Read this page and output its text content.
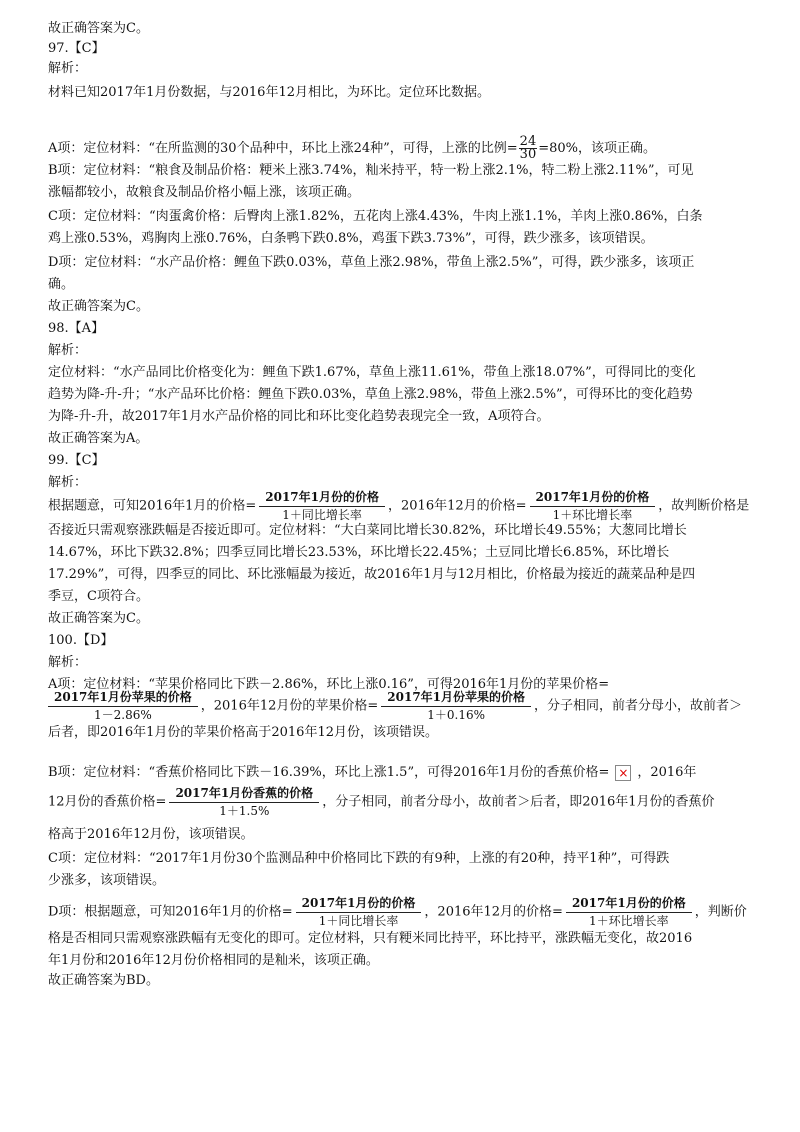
故正确答案为C。
97.【C】
解析：
材料已知2017年1月份数据，与2016年12月相比，为环比。定位环比数据。
A项：定位材料：“在所监测的30个品种中，环比上涨24种”，可得，上涨的比例= $\frac{24}{30} =80\%$，该项正确。
B项：定位材料：“粮食及制品价格：粳米上涨3.74%，籼米持平，特一粉上涨2.1%，特二粉上涨2.11%”，可见
涨幅都较小，故粮食及制品价格小幅上涨，该项正确。
C项：定位材料：“肉蛋禽价格：后臀肉上涨1.82%，五花肉上涨4.43%，牛肉上涨1.1%，羊肉上涨0.86%，白条
鸡上涨0.53%，鸡胸肉上涨0.76%，白条鸭下跌0.8%，鸡蛋下跌3.73%”，可得，跌少涨多，该项错误。
D项：定位材料：“水产品价格：鲤鱼下跌0.03%，草鱼上涨2.98%，带鱼上涨2.5%”，可得，跌少涨多，该项正
确。
故正确答案为C。
98.【A】
解析：
定位材料：“水产品同比价格变化为：鲤鱼下跌1.67%，草鱼上涨11.61%，带鱼上涨18.07%”，可得同比的变化
趋势为降-升-升；“水产品环比价格：鲤鱼下跌0.03%，草鱼上涨2.98%，带鱼上涨2.5%”，可得环比的变化趋势
为降-升-升，故2017年1月水产品价格的同比和环比变化趋势表现完全一致，A项符合。
故正确答案为A。
99.【C】
解析：
根据题意，可知2016年1月的价格= $\frac{\text{2017年1月份的价格}}{\text{1＋同比增长率}}$ ，2016年12月的价格= $\frac{\text{2017年1月份的价格}}{\text{1＋环比增长率}}$ ，故判断价格是
否接近只需观察涨跌幅是否接近即可。定位材料：“大白菜同比增长30.82%，环比增长49.55%；大葱同比增长
14.67%，环比下跌32.8%；四季豆同比增长23.53%，环比增长22.45%；土豆同比增长6.85%，环比增长
17.29%”，可得，四季豆的同比、环比涨幅最为接近，故2016年1月与12月相比，价格最为接近的蔬菜品种是四
季豆，C项符合。
故正确答案为C。
100.【D】
解析：
A项：定位材料：“苹果价格同比下跌－2.86%，环比上涨0.16”，可得2016年1月份的苹果价格=
$\frac{\text{2017年1月份苹果的价格}}{1-2.86\%}$ ，2016年12月份的苹果价格= $\frac{\text{2017年1月份苹果的价格}}{1+0.16\%}$ ，分子相同，前者分母小，故前者＞
后者，即2016年1月份的苹果价格高于2016年12月份，该项错误。
B项：定位材料：“香蕉价格同比下跌－16.39%，环比上涨1.5”，可得2016年1月份的香蕉价格= × ，2016年
12月份的香蕉价格= $\frac{\text{2017年1月份香蕉的价格}}{1+1.5\%}$ ，分子相同，前者分母小，故前者＞后者，即2016年1月份的香蕉价
格高于2016年12月份，该项错误。
C项：定位材料：“2017年1月份30个监测品种中价格同比下跌的有9种，上涨的有20种，持平1种”，可得跌
少涨多，该项错误。
D项：根据题意，可知2016年1月的价格= $\frac{\text{2017年1月份的价格}}{\text{1＋同比增长率}}$ ，2016年12月的价格= $\frac{\text{2017年1月份的价格}}{\text{1＋环比增长率}}$ ，判断价
格是否相同只需观察涨跌幅有无变化的即可。定位材料，只有粳米同比持平，环比持平，涨跌幅无变化，故2016
年1月份和2016年12月份价格相同的是籼米，该项正确。
故正确答案为BD。
